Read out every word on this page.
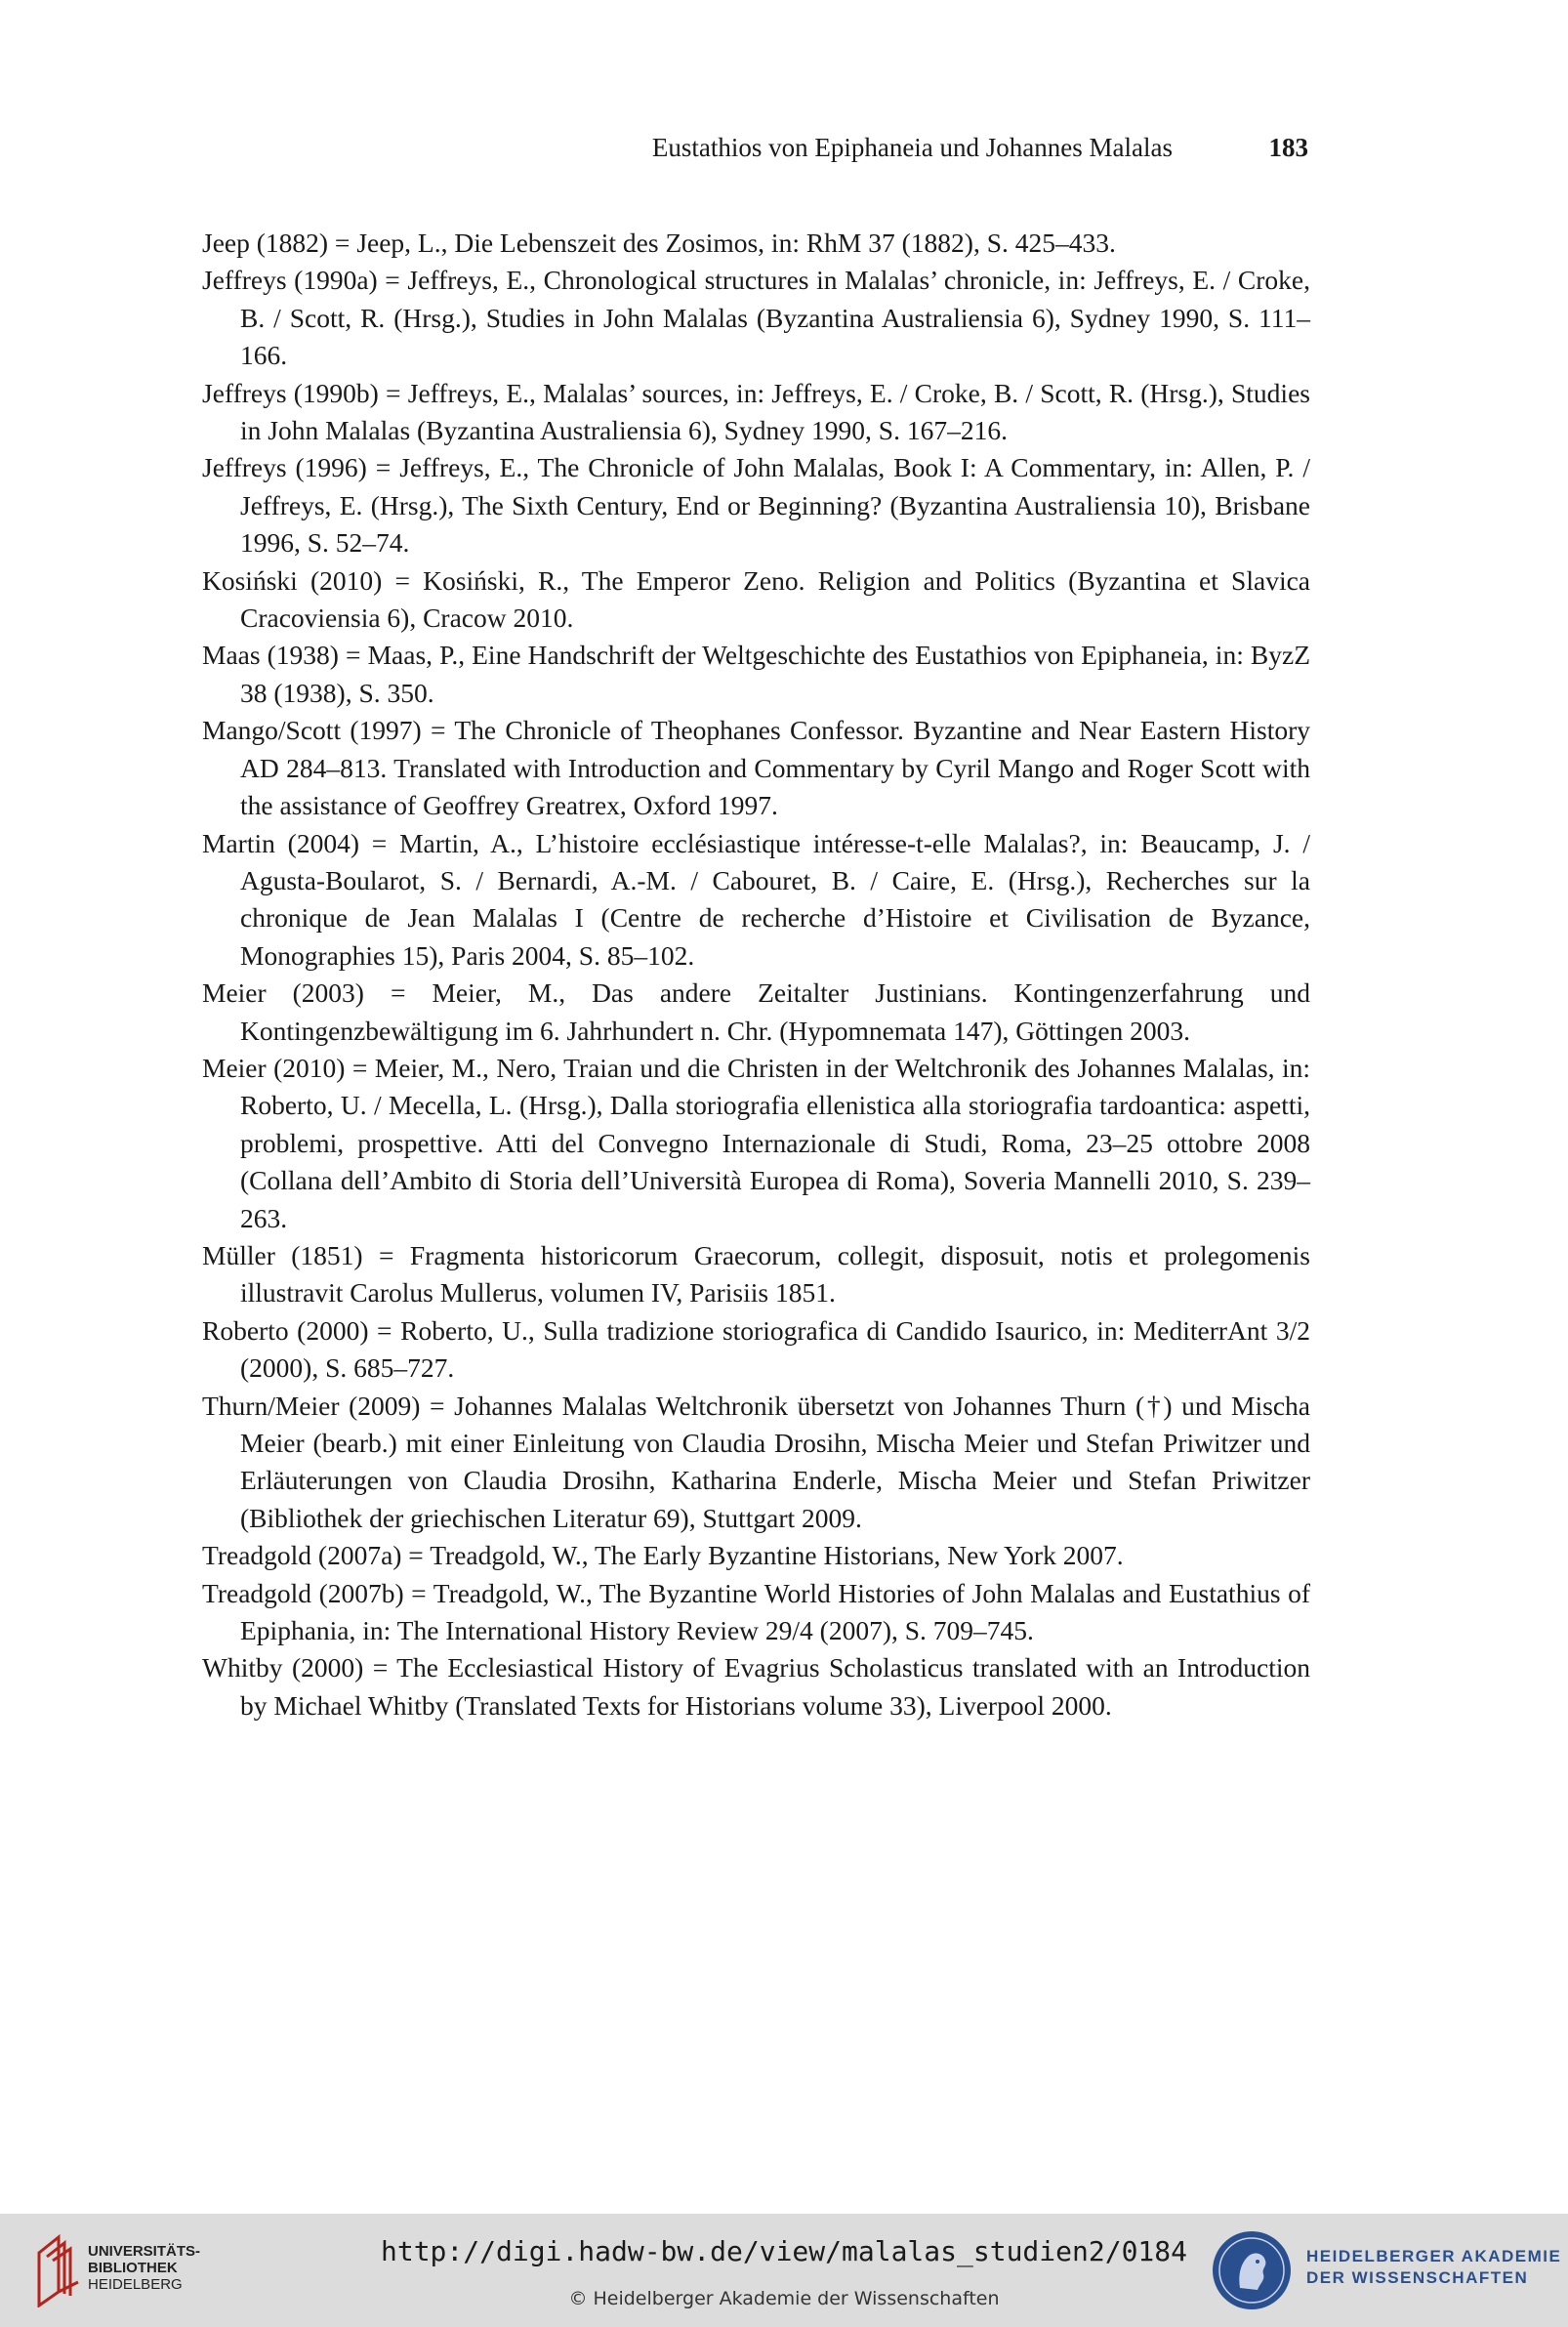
Eustathios von Epiphaneia und Johannes Malalas	183

Jeep (1882) = Jeep, L., Die Lebenszeit des Zosimos, in: RhM 37 (1882), S. 425–433.

Jeffreys (1990a) = Jeffreys, E., Chronological structures in Malalas’ chronicle, in: Jeffreys, E. / Croke, B. / Scott, R. (Hrsg.), Studies in John Malalas (Byzantina Australiensia 6), Sydney 1990, S. 111–166.

Jeffreys (1990b) = Jeffreys, E., Malalas’ sources, in: Jeffreys, E. / Croke, B. / Scott, R. (Hrsg.), Studies in John Malalas (Byzantina Australiensia 6), Sydney 1990, S. 167–216.

Jeffreys (1996) = Jeffreys, E., The Chronicle of John Malalas, Book I: A Commentary, in: Allen, P. / Jeffreys, E. (Hrsg.), The Sixth Century, End or Beginning? (Byzantina Australiensia 10), Brisbane 1996, S. 52–74.

Kosiński (2010) = Kosiński, R., The Emperor Zeno. Religion and Politics (Byzantina et Slavica Cracoviensia 6), Cracow 2010.

Maas (1938) = Maas, P., Eine Handschrift der Weltgeschichte des Eustathios von Epiphaneia, in: ByzZ 38 (1938), S. 350.

Mango/Scott (1997) = The Chronicle of Theophanes Confessor. Byzantine and Near Eastern History AD 284–813. Translated with Introduction and Commentary by Cyril Mango and Roger Scott with the assistance of Geoffrey Greatrex, Oxford 1997.

Martin (2004) = Martin, A., L’histoire ecclésiastique intéresse-t-elle Malalas?, in: Beaucamp, J. / Agusta-Boularot, S. / Bernardi, A.-M. / Cabouret, B. / Caire, E. (Hrsg.), Recherches sur la chronique de Jean Malalas I (Centre de recherche d’Histoire et Civilisation de Byzance, Monographies 15), Paris 2004, S. 85–102.

Meier (2003) = Meier, M., Das andere Zeitalter Justinians. Kontingenzerfahrung und Kontingenzbewältigung im 6. Jahrhundert n. Chr. (Hypomnemata 147), Göttingen 2003.

Meier (2010) = Meier, M., Nero, Traian und die Christen in der Weltchronik des Johannes Malalas, in: Roberto, U. / Mecella, L. (Hrsg.), Dalla storiografia ellenistica alla storiografia tardoantica: aspetti, problemi, prospettive. Atti del Convegno Internazionale di Studi, Roma, 23–25 ottobre 2008 (Collana dell’Ambito di Storia dell’Università Europea di Roma), Soveria Mannelli 2010, S. 239–263.

Müller (1851) = Fragmenta historicorum Graecorum, collegit, disposuit, notis et prolegomenis illustravit Carolus Mullerus, volumen IV, Parisiis 1851.

Roberto (2000) = Roberto, U., Sulla tradizione storiografica di Candido Isaurico, in: MediterrAnt 3/2 (2000), S. 685–727.

Thurn/Meier (2009) = Johannes Malalas Weltchronik übersetzt von Johannes Thurn (†) und Mischa Meier (bearb.) mit einer Einleitung von Claudia Drosihn, Mischa Meier und Stefan Priwitzer und Erläuterungen von Claudia Drosihn, Katharina Enderle, Mischa Meier und Stefan Priwitzer (Bibliothek der griechischen Literatur 69), Stuttgart 2009.

Treadgold (2007a) = Treadgold, W., The Early Byzantine Historians, New York 2007.

Treadgold (2007b) = Treadgold, W., The Byzantine World Histories of John Malalas and Eustathius of Epiphania, in: The International History Review 29/4 (2007), S. 709–745.

Whitby (2000) = The Ecclesiastical History of Evagrius Scholasticus translated with an Introduction by Michael Whitby (Translated Texts for Historians volume 33), Liverpool 2000.

UNIVERSITÄTS-
BIBLIOTHEK
HEIDELBERG
http://digi.hadw-bw.de/view/malalas_studien2/0184
© Heidelberger Akademie der Wissenschaften
HEIDELBERGER AKADEMIE
DER WISSENSCHAFTEN
